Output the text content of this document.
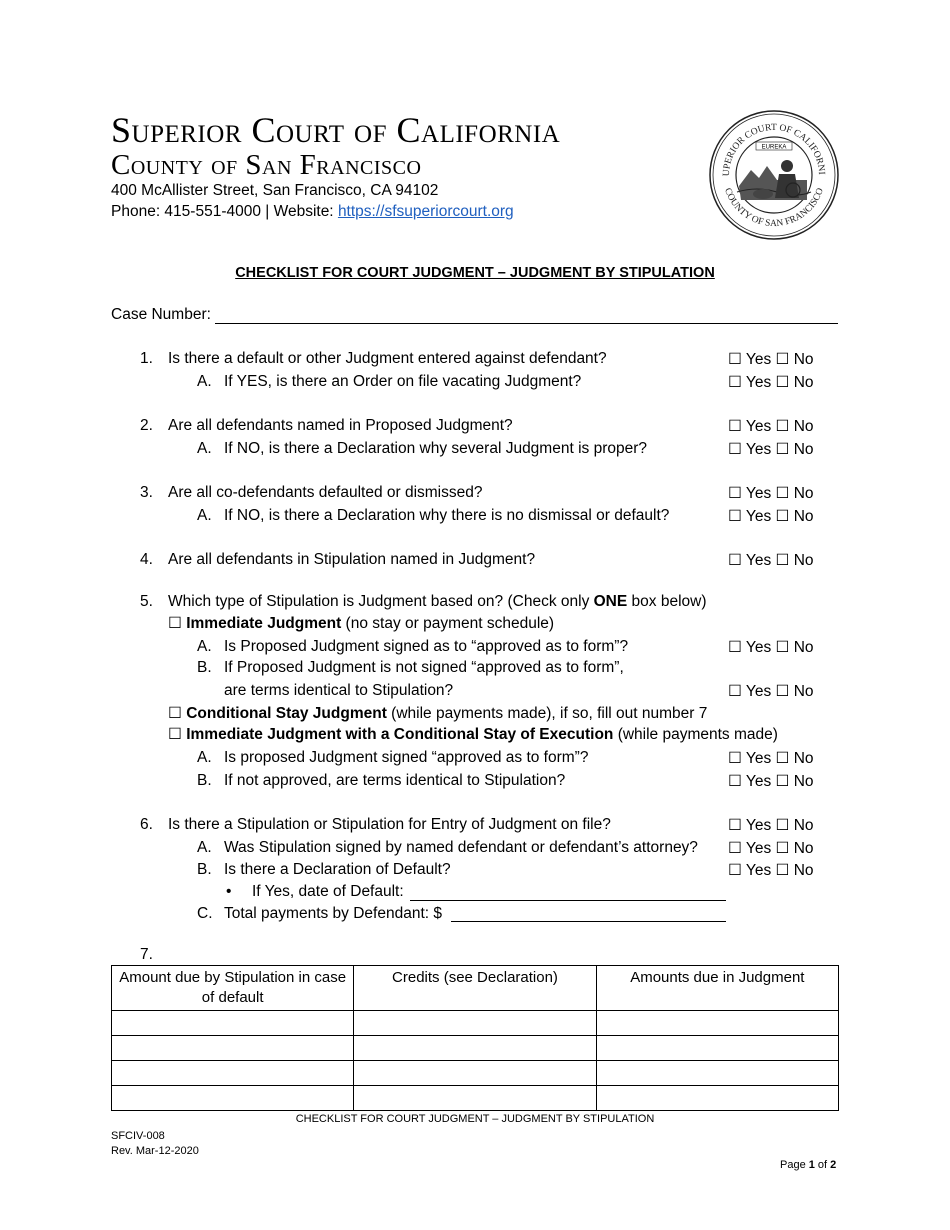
Superior Court of California
County of San Francisco
400 McAllister Street, San Francisco, CA 94102
Phone: 415-551-4000 | Website: https://sfsuperiorcourt.org
UPERIOR COURT OF CALIFORNI
COUNTY OF SAN FRANCISCO
EUREKA
CHECKLIST FOR COURT JUDGMENT – JUDGMENT BY STIPULATION
Case Number:
1. Is there a default or other Judgment entered against defendant?	☐ Yes ☐ No
A. If YES, is there an Order on file vacating Judgment?	☐ Yes ☐ No
2. Are all defendants named in Proposed Judgment?	☐ Yes ☐ No
A. If NO, is there a Declaration why several Judgment is proper?	☐ Yes ☐ No
3. Are all co-defendants defaulted or dismissed?	☐ Yes ☐ No
A. If NO, is there a Declaration why there is no dismissal or default?	☐ Yes ☐ No
4. Are all defendants in Stipulation named in Judgment?	☐ Yes ☐ No
5. Which type of Stipulation is Judgment based on? (Check only ONE box below)
☐ Immediate Judgment (no stay or payment schedule)
A. Is Proposed Judgment signed as to “approved as to form”?	☐ Yes ☐ No
B. If Proposed Judgment is not signed “approved as to form”,
are terms identical to Stipulation?	☐ Yes ☐ No
☐ Conditional Stay Judgment (while payments made), if so, fill out number 7
☐ Immediate Judgment with a Conditional Stay of Execution (while payments made)
A. Is proposed Judgment signed “approved as to form”?	☐ Yes ☐ No
B. If not approved, are terms identical to Stipulation?	☐ Yes ☐ No
6. Is there a Stipulation or Stipulation for Entry of Judgment on file?	☐ Yes ☐ No
A. Was Stipulation signed by named defendant or defendant’s attorney? ☐ Yes ☐ No
B. Is there a Declaration of Default?	☐ Yes ☐ No
• If Yes, date of Default:
C. Total payments by Defendant: $
7.
Amount due by Stipulation in case of default	Credits (see Declaration)	Amounts due in Judgment

CHECKLIST FOR COURT JUDGMENT – JUDGMENT BY STIPULATION
SFCIV-008
Rev. Mar-12-2020
Page 1 of 2
